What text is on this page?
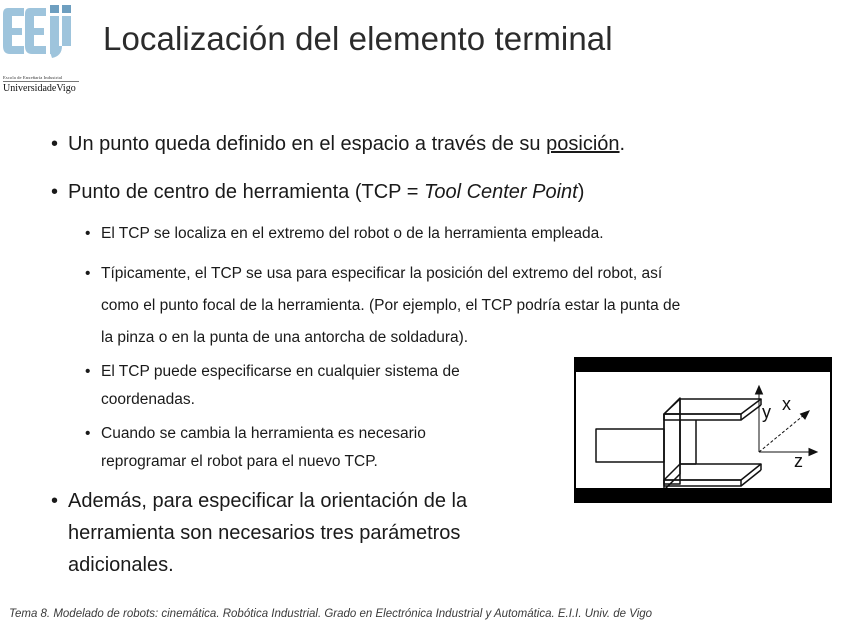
Escola de Enxeñaría Industrial
UniversidadeVigo
Localización del elemento terminal

• Un punto queda definido en el espacio a través de su posición.

• Punto de centro de herramienta (TCP = Tool Center Point)

• El TCP se localiza en el extremo del robot o de la herramienta empleada.

• Típicamente, el TCP se usa para especificar la posición del extremo del robot, así
como el punto focal de la herramienta. (Por ejemplo, el TCP podría estar la punta de
la pinza o en la punta de una antorcha de soldadura).

• El TCP puede especificarse en cualquier sistema de
coordenadas.

• Cuando se cambia la herramienta es necesario
reprogramar el robot para el nuevo TCP.

• Además, para especificar la orientación de la
herramienta son necesarios tres parámetros
adicionales.

y x
z
Tema 8. Modelado de robots: cinemática. Robótica Industrial. Grado en Electrónica Industrial y Automática. E.I.I. Univ. de Vigo
